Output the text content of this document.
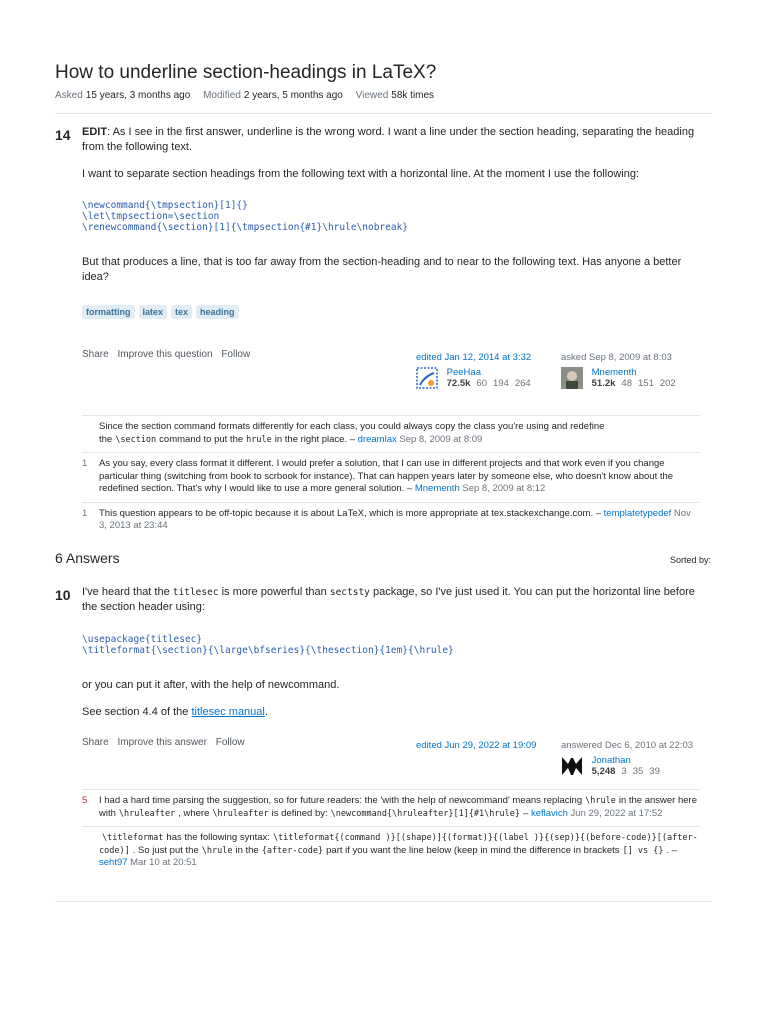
How to underline section-headings in LaTeX?
Asked 15 years, 3 months ago Modified 2 years, 5 months ago Viewed 58k times
14 EDIT: As I see in the first answer, underline is the wrong word. I want a line under the section heading, separating the heading from the following text.

I want to separate section headings from the following text with a horizontal line. At the moment I use the following:

\newcommand{\tmpsection}[1]{}
\let\tmpsection=\section
\renewcommand{\section}[1]{\tmpsection{#1}\hrule\nobreak}

But that produces a line, that is too far away from the section-heading and to near to the following text. Has anyone a better idea?

formatting	latex	tex	heading
Share Improve this question Follow	edited Jan 12, 2014 at 3:32
PeeHaa
72.5k 60 194 264
asked Sep 8, 2009 at 8:03
Mnementh
51.2k 48 151 202
Since the section command formats differently for each class, you could always copy the class you're using and redefine the \section command to put the hrule in the right place. – dreamlax Sep 8, 2009 at 8:09
1	As you say, every class format it different. I would prefer a solution, that I can use in different projects and that work even if you change particular thing (switching from book to scrbook for instance). That can happen years later by someone else, who doesn't know about the redefined section. That's why I would like to use a more general solution. – Mnementh Sep 8, 2009 at 8:12
1	This question appears to be off-topic because it is about LaTeX, which is more appropriate at tex.stackexchange.com. – templatetypedef Nov 3, 2013 at 23:44
6 Answers	Sorted by:
10 I've heard that the titlesec is more powerful than sectsty package, so I've just used it. You can put the horizontal line before the section header using:

\usepackage{titlesec}
\titleformat{\section}{\large\bfseries}{\thesection}{1em}{\hrule}

or you can put it after, with the help of newcommand.

See section 4.4 of the titlesec manual.

Share Improve this answer Follow	edited Jun 29, 2022 at 19:09	answered Dec 6, 2010 at 22:03
Jonathan
5,248 3 35 39
5	I had a hard time parsing the suggestion, so for future readers: the 'with the help of newcommand' means replacing \hrule in the answer here with \hruleafter , where \hruleafter is defined by: \newcommand{\hruleafter}[1]{#1\hrule} – keflavich Jun 29, 2022 at 17:52
\titleformat has the following syntax: \titleformat{(command )}[(shape)]{(format)}{(label )}{(sep)}{(before-code)}[(after-code)] . So just put the \hrule in the {after-code} part if you want the line below (keep in mind the difference in brackets [] vs {} . – seht97 Mar 10 at 20:51
